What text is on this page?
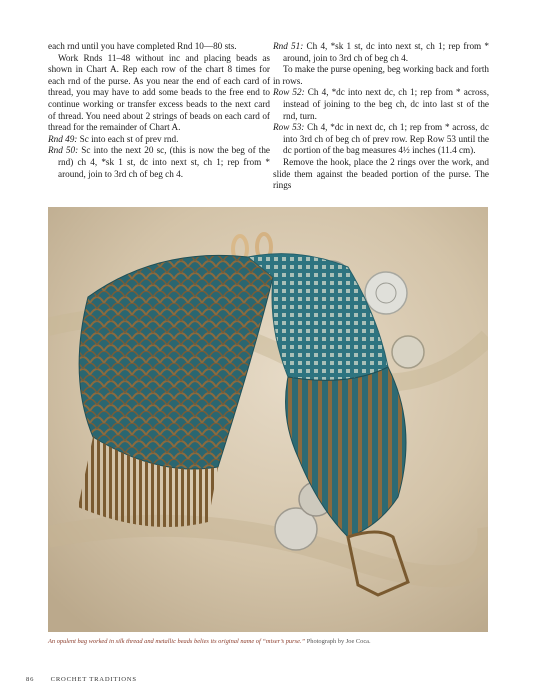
each rnd until you have completed Rnd 10—80 sts.

Work Rnds 11–48 without inc and placing beads as shown in Chart A. Rep each row of the chart 8 times for each rnd of the purse. As you near the end of each card of thread, you may have to add some beads to the free end to continue working or transfer excess beads to the next card of thread. You need about 2 strings of beads on each card of thread for the remainder of Chart A.

Rnd 49: Sc into each st of prev rnd.

Rnd 50: Sc into the next 20 sc, (this is now the beg of the rnd) ch 4, *sk 1 st, dc into next st, ch 1; rep from * around, join to 3rd ch of beg ch 4.

Rnd 51: Ch 4, *sk 1 st, dc into next st, ch 1; rep from * around, join to 3rd ch of beg ch 4.

To make the purse opening, beg working back and forth in rows.

Row 52: Ch 4, *dc into next dc, ch 1; rep from * across, instead of joining to the beg ch, dc into last st of the rnd, turn.

Row 53: Ch 4, *dc in next dc, ch 1; rep from * across, dc into 3rd ch of beg ch of prev row. Rep Row 53 until the dc portion of the bag measures 4½ inches (11.4 cm).

Remove the hook, place the 2 rings over the work, and slide them against the beaded portion of the purse. The rings

An opulent bag worked in silk thread and metallic beads belies its original name of “miser’s purse.” Photograph by Joe Coca.
86 CROCHET TRADITIONS
